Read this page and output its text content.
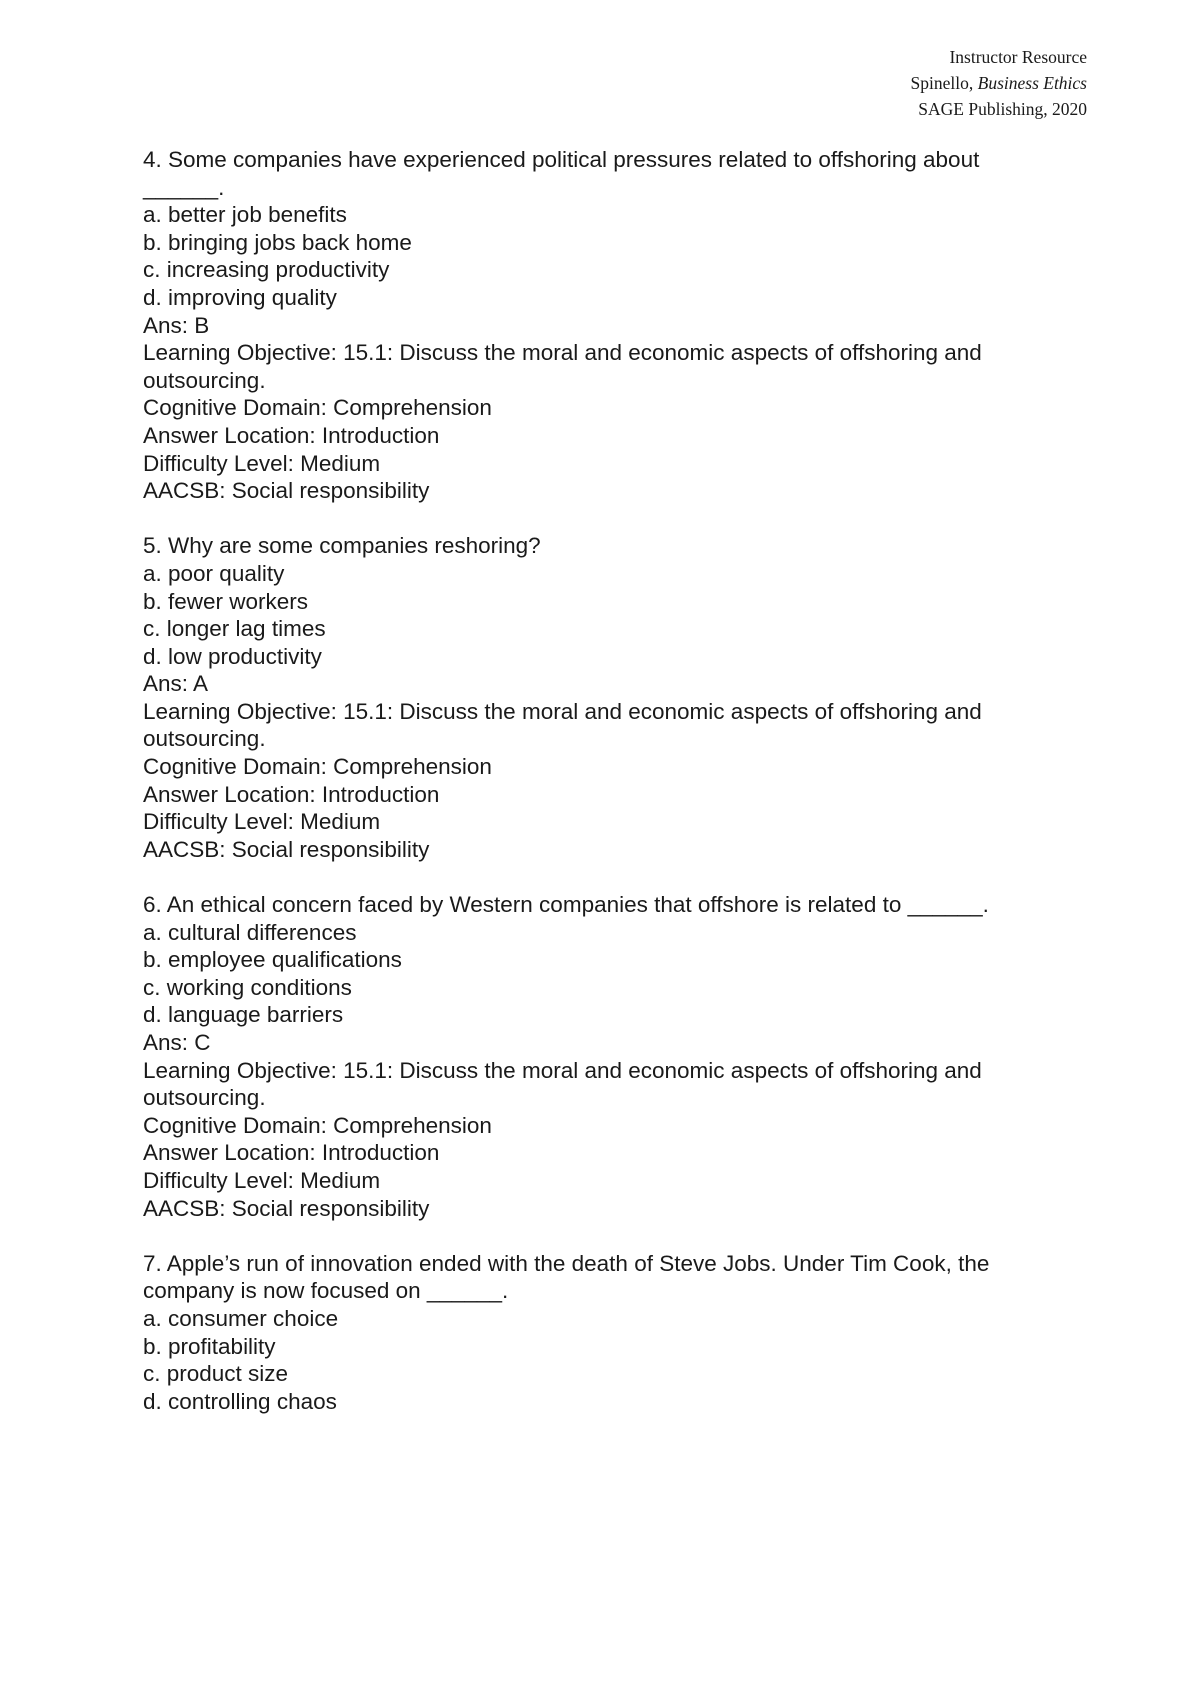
Instructor Resource
Spinello, Business Ethics
SAGE Publishing, 2020
4. Some companies have experienced political pressures related to offshoring about
______.
a. better job benefits
b. bringing jobs back home
c. increasing productivity
d. improving quality
Ans: B
Learning Objective: 15.1: Discuss the moral and economic aspects of offshoring and
outsourcing.
Cognitive Domain: Comprehension
Answer Location: Introduction
Difficulty Level: Medium
AACSB: Social responsibility
5. Why are some companies reshoring?
a. poor quality
b. fewer workers
c. longer lag times
d. low productivity
Ans: A
Learning Objective: 15.1: Discuss the moral and economic aspects of offshoring and
outsourcing.
Cognitive Domain: Comprehension
Answer Location: Introduction
Difficulty Level: Medium
AACSB: Social responsibility
6. An ethical concern faced by Western companies that offshore is related to ______.
a. cultural differences
b. employee qualifications
c. working conditions
d. language barriers
Ans: C
Learning Objective: 15.1: Discuss the moral and economic aspects of offshoring and
outsourcing.
Cognitive Domain: Comprehension
Answer Location: Introduction
Difficulty Level: Medium
AACSB: Social responsibility
7. Apple’s run of innovation ended with the death of Steve Jobs. Under Tim Cook, the
company is now focused on ______.
a. consumer choice
b. profitability
c. product size
d. controlling chaos
